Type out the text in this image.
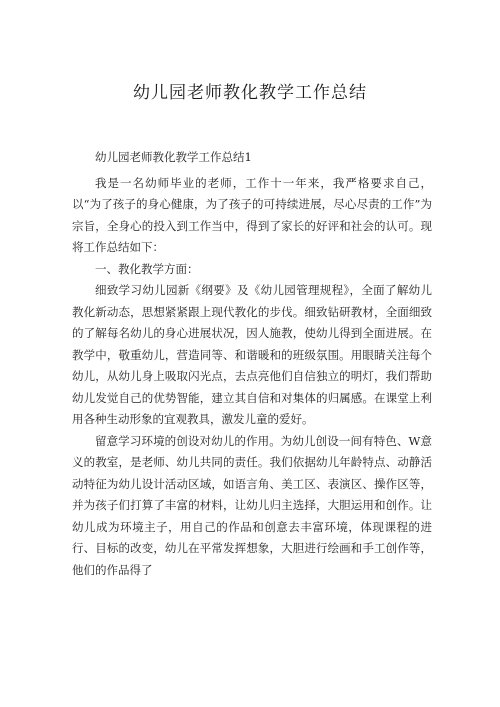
幼儿园老师教化教学工作总结

幼儿园老师教化教学工作总结1

我是一名幼师毕业的老师，工作十一年来，我严格要求自己，以“为了孩子的身心健康，为了孩子的可持续进展，尽心尽责的工作”为宗旨，全身心的投入到工作当中，得到了家长的好评和社会的认可。现将工作总结如下：

一、教化教学方面：

细致学习幼儿园新《纲要》及《幼儿园管理规程》，全面了解幼儿教化新动态，思想紧紧跟上现代教化的步伐。细致钻研教材，全面细致的了解每名幼儿的身心进展状况，因人施教，使幼儿得到全面进展。在教学中，敬重幼儿，营造同等、和谐暖和的班级氛围。用眼睛关注每个幼儿，从幼儿身上吸取闪光点，去点亮他们自信独立的明灯，我们帮助幼儿发觉自己的优势智能，建立其自信和对集体的归属感。在课堂上利用各种生动形象的宜观教具，激发儿童的爱好。

留意学习环境的创设对幼儿的作用。为幼儿创设一间有特色、W意义的教室，是老师、幼儿共同的责任。我们依据幼儿年龄特点、动静活动特征为幼儿设计活动区域，如语言角、美工区、表演区、操作区等，并为孩子们打算了丰富的材料，让幼儿归主选择，大胆运用和创作。让幼儿成为环境主子，用自己的作品和创意去丰富环境，体现课程的进行、目标的改变，幼儿在平常发挥想象，大胆进行绘画和手工创作等，他们的作品得了
